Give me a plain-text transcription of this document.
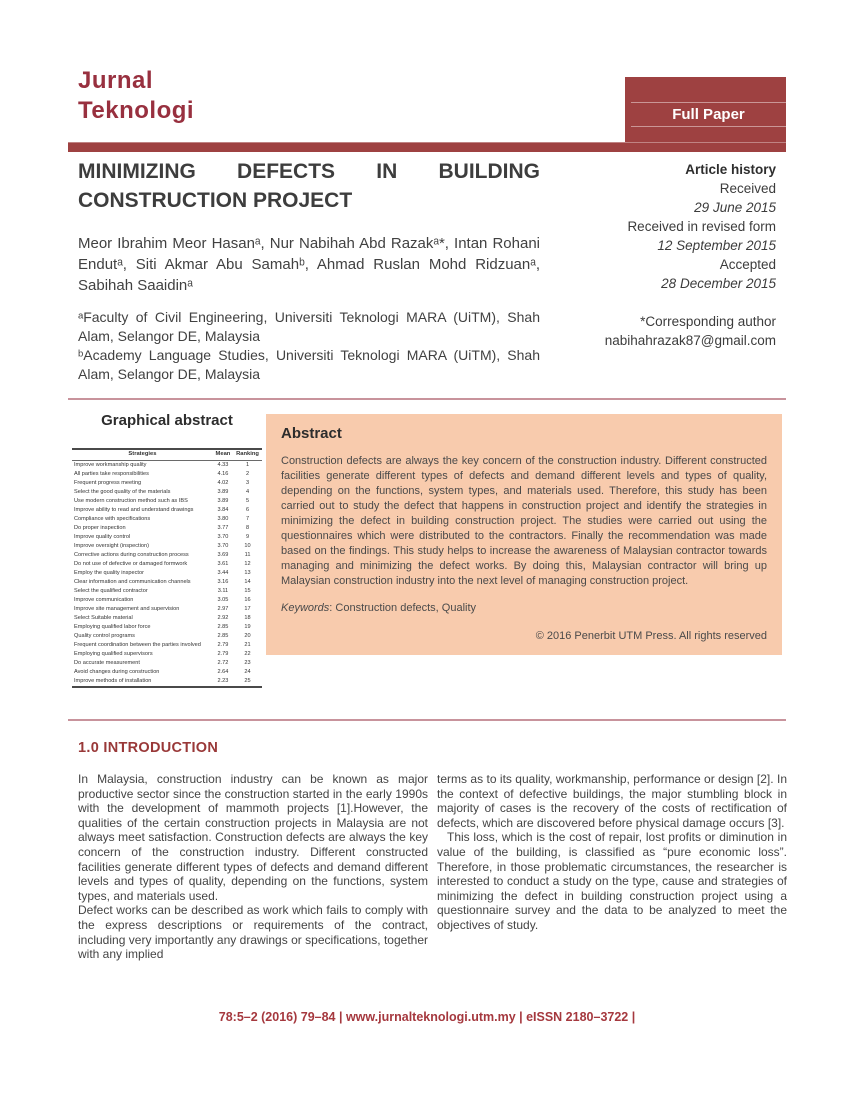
Jurnal
Teknologi	Full Paper
MINIMIZING DEFECTS IN BUILDING CONSTRUCTION PROJECT
Meor Ibrahim Meor Hasanᵃ, Nur Nabihah Abd Razakᵃ*, Intan Rohani Endutᵃ, Siti Akmar Abu Samahᵇ, Ahmad Ruslan Mohd Ridzuanᵃ, Sabihah Saaidinᵃ
ᵃFaculty of Civil Engineering, Universiti Teknologi MARA (UiTM), Shah Alam, Selangor DE, Malaysia
ᵇAcademy Language Studies, Universiti Teknologi MARA (UiTM), Shah Alam, Selangor DE, Malaysia
Article history
Received
29 June 2015
Received in revised form
12 September 2015
Accepted
28 December 2015
*Corresponding author
nabihahrazak87@gmail.com
Graphical abstract
Strategies	Mean	Ranking
Improve workmanship quality	4.33	1
All parties take responsibilities	4.16	2
Frequent progress meeting	4.02	3
Select the good quality of the materials	3.89	4
Use modern construction method such as IBS	3.89	5
Improve ability to read and understand drawings	3.84	6
Compliance with specifications	3.80	7
Do proper inspection	3.77	8
Improve quality control	3.70	9
Improve oversight (inspection)	3.70	10
Corrective actions during construction process	3.69	11
Do not use of defective or damaged formwork	3.61	12
Employ the quality inspector	3.44	13
Clear information and communication channels	3.16	14
Select the qualified contractor	3.11	15
Improve communication	3.05	16
Improve site management and supervision	2.97	17
Select Suitable material	2.92	18
Employing qualified labor force	2.85	19
Quality control programs	2.85	20
Frequent coordination between the parties involved	2.79	21
Employing qualified supervisors	2.79	22
Do accurate measurement	2.72	23
Avoid changes during construction	2.64	24
Improve methods of installation	2.23	25
Abstract
Construction defects are always the key concern of the construction industry. Different constructed facilities generate different types of defects and demand different levels and types of quality, depending on the functions, system types, and materials used. Therefore, this study has been carried out to study the defect that happens in construction project and identify the strategies in minimizing the defect in building construction project. The studies were carried out using the questionnaires which were distributed to the contractors. Finally the recommendation was made based on the findings. This study helps to increase the awareness of Malaysian contractor towards managing and minimizing the defect works. By doing this, Malaysian contractor will bring up Malaysian construction industry into the next level of managing construction project.
Keywords: Construction defects, Quality
© 2016 Penerbit UTM Press. All rights reserved
1.0 INTRODUCTION

In Malaysia, construction industry can be known as major productive sector since the construction started in the early 1990s with the development of mammoth projects [1].However, the qualities of the certain construction projects in Malaysia are not always meet satisfaction. Construction defects are always the key concern of the construction industry. Different constructed facilities generate different types of defects and demand different levels and types of quality, depending on the functions, system types, and materials used.

Defect works can be described as work which fails to comply with the express descriptions or requirements of the contract, including very importantly any drawings or specifications, together with any implied

terms as to its quality, workmanship, performance or design [2]. In the context of defective buildings, the major stumbling block in majority of cases is the recovery of the costs of rectification of defects, which are discovered before physical damage occurs [3].

This loss, which is the cost of repair, lost profits or diminution in value of the building, is classified as “pure economic loss”. Therefore, in those problematic circumstances, the researcher is interested to conduct a study on the type, cause and strategies of minimizing the defect in building construction project using a questionnaire survey and the data to be analyzed to meet the objectives of study.

78:5–2 (2016) 79–84 | www.jurnalteknologi.utm.my | eISSN 2180–3722 |
